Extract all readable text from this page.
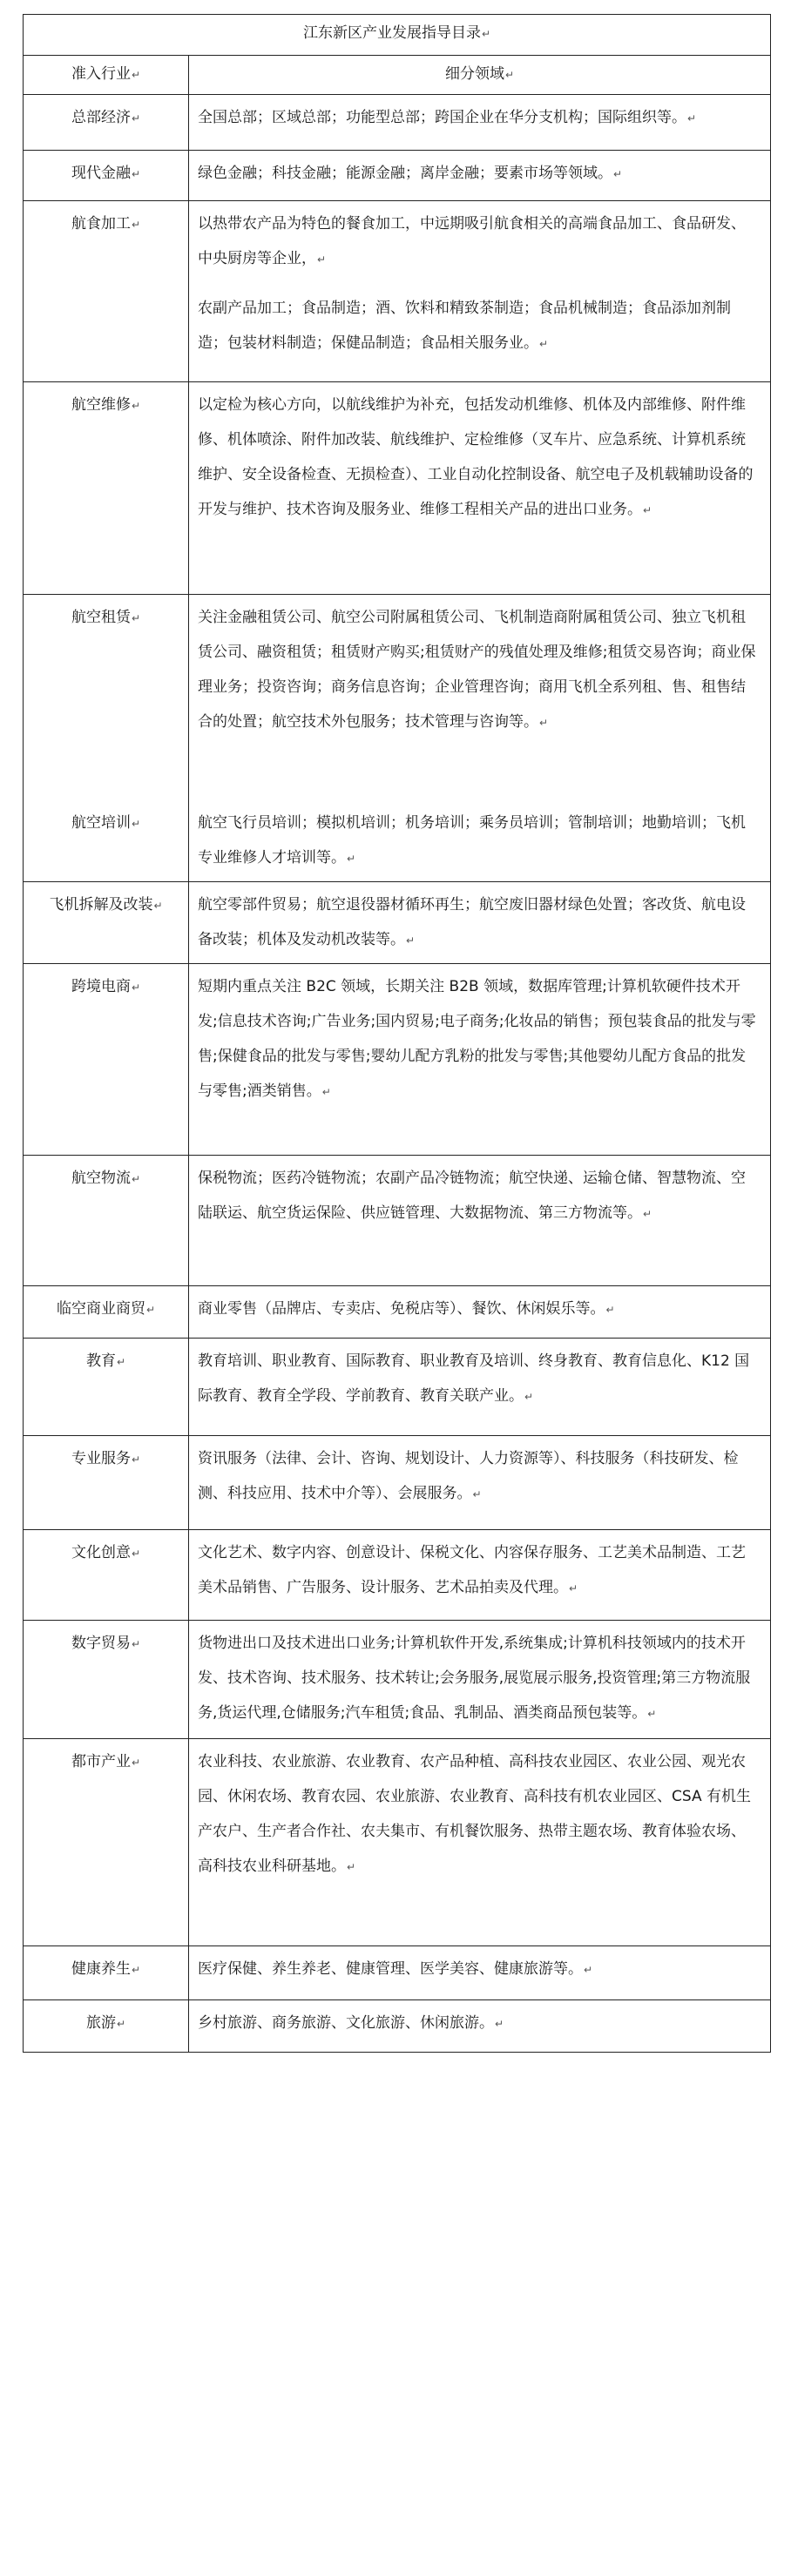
江东新区产业发展指导目录↵	
准入行业↵	细分领域↵
总部经济↵	全国总部；区域总部；功能型总部；跨国企业在华分支机构；国际组织等。↵

现代金融↵	绿色金融；科技金融；能源金融；离岸金融；要素市场等领域。↵

航食加工↵	以热带农产品为特色的餐食加工，中远期吸引航食相关的高端食品加工、食品研发、中央厨房等企业，↵
农副产品加工；食品制造；酒、饮料和精致茶制造；食品机械制造；食品添加剂制造；包装材料制造；保健品制造；食品相关服务业。↵

航空维修↵	以定检为核心方向，以航线维护为补充，包括发动机维修、机体及内部维修、附件维修、机体喷涂、附件加改装、航线维护、定检维修（叉车片、应急系统、计算机系统维护、安全设备检查、无损检查）、工业自动化控制设备、航空电子及机载辅助设备的开发与维护、技术咨询及服务业、维修工程相关产品的进出口业务。↵

航空租赁↵	关注金融租赁公司、航空公司附属租赁公司、飞机制造商附属租赁公司、独立飞机租赁公司、融资租赁；租赁财产购买;租赁财产的残值处理及维修;租赁交易咨询；商业保理业务；投资咨询；商务信息咨询；企业管理咨询；商用飞机全系列租、售、租售结合的处置；航空技术外包服务；技术管理与咨询等。↵

航空培训↵	航空飞行员培训；模拟机培训；机务培训；乘务员培训；管制培训；地勤培训；飞机专业维修人才培训等。↵

飞机拆解及改装↵	航空零部件贸易；航空退役器材循环再生；航空废旧器材绿色处置；客改货、航电设备改装；机体及发动机改装等。↵

跨境电商↵	短期内重点关注 B2C 领域，长期关注 B2B 领域，数据库管理;计算机软硬件技术开发;信息技术咨询;广告业务;国内贸易;电子商务;化妆品的销售；预包装食品的批发与零售;保健食品的批发与零售;婴幼儿配方乳粉的批发与零售;其他婴幼儿配方食品的批发与零售;酒类销售。↵

航空物流↵	保税物流；医药冷链物流；农副产品冷链物流；航空快递、运输仓储、智慧物流、空陆联运、航空货运保险、供应链管理、大数据物流、第三方物流等。↵

临空商业商贸↵	商业零售（品牌店、专卖店、免税店等）、餐饮、休闲娱乐等。↵

教育↵	教育培训、职业教育、国际教育、职业教育及培训、终身教育、教育信息化、K12 国际教育、教育全学段、学前教育、教育关联产业。↵

专业服务↵	资讯服务（法律、会计、咨询、规划设计、人力资源等）、科技服务（科技研发、检测、科技应用、技术中介等）、会展服务。↵

文化创意↵	文化艺术、数字内容、创意设计、保税文化、内容保存服务、工艺美术品制造、工艺美术品销售、广告服务、设计服务、艺术品拍卖及代理。↵

数字贸易↵	货物进出口及技术进出口业务;计算机软件开发,系统集成;计算机科技领域内的技术开发、技术咨询、技术服务、技术转让;会务服务,展览展示服务,投资管理;第三方物流服务,货运代理,仓储服务;汽车租赁;食品、乳制品、酒类商品预包装等。↵

都市产业↵	农业科技、农业旅游、农业教育、农产品种植、高科技农业园区、农业公园、观光农园、休闲农场、教育农园、农业旅游、农业教育、高科技有机农业园区、CSA 有机生产农户、生产者合作社、农夫集市、有机餐饮服务、热带主题农场、教育体验农场、高科技农业科研基地。↵

健康养生↵	医疗保健、养生养老、健康管理、医学美容、健康旅游等。↵

旅游↵	乡村旅游、商务旅游、文化旅游、休闲旅游。↵
